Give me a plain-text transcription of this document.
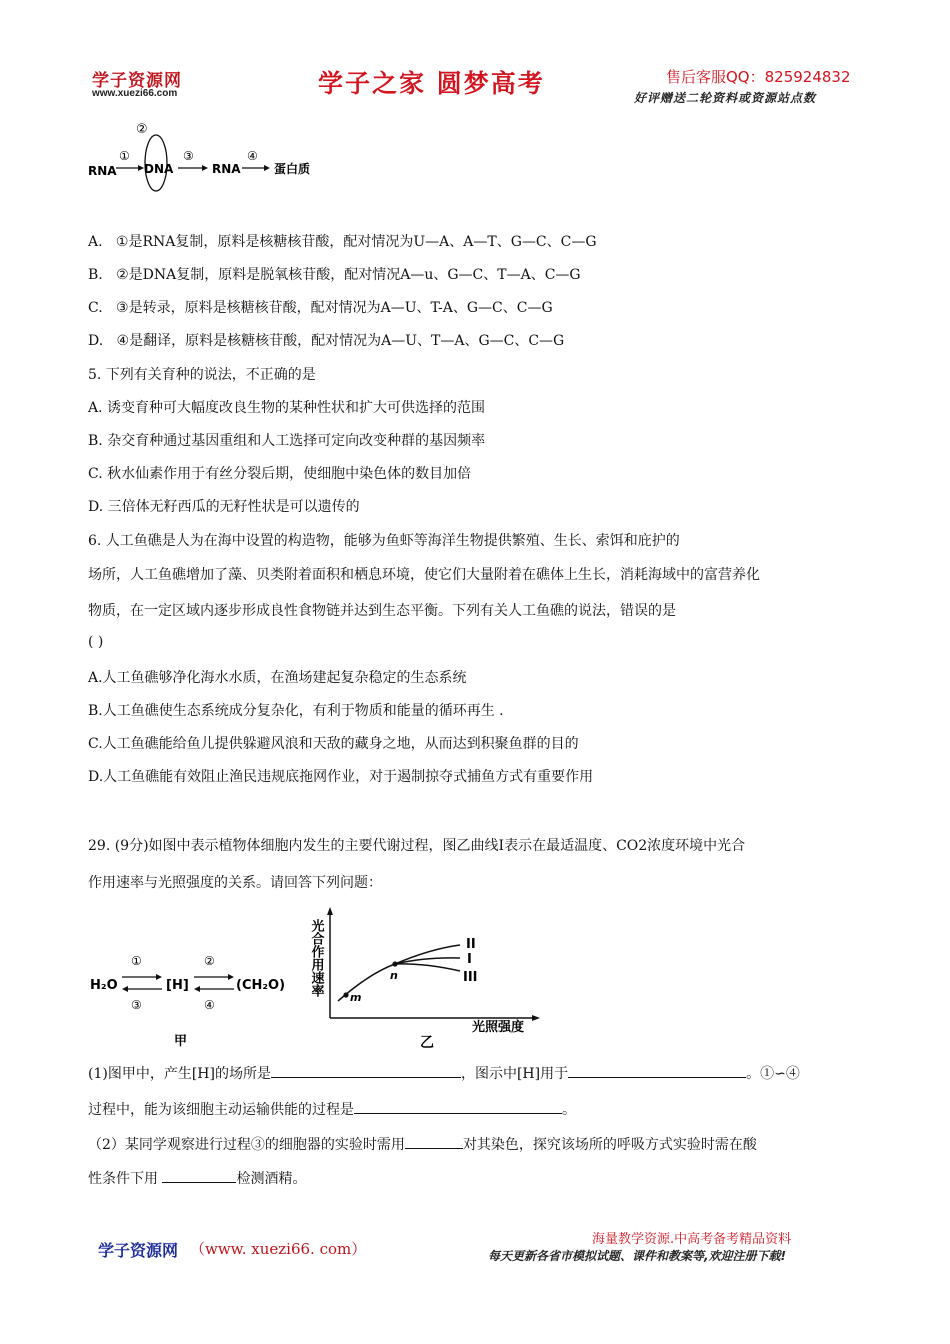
学子资源网
www.xuezi66.com	学子之家 圆梦高考	售后客服QQ：825924832
好评赠送二轮资料或资源站点数
RNA
①
②
DNA
③
RNA
④
蛋白质
A. ①是RNA复制，原料是核糖核苷酸，配对情况为U—A、A—T、G—C、C—G
B. ②是DNA复制，原料是脱氧核苷酸，配对情况A—u、G—C、T—A、C—G
C. ③是转录，原料是核糖核苷酸，配对情况为A—U、T-A、G—C、C—G
D. ④是翻译，原料是核糖核苷酸，配对情况为A—U、T—A、G—C、C—G
5. 下列有关育种的说法，不正确的是
A. 诱变育种可大幅度改良生物的某种性状和扩大可供选择的范围
B. 杂交育种通过基因重组和人工选择可定向改变种群的基因频率
C. 秋水仙素作用于有丝分裂后期，使细胞中染色体的数目加倍
D. 三倍体无籽西瓜的无籽性状是可以遗传的
6. 人工鱼礁是人为在海中设置的构造物，能够为鱼虾等海洋生物提供繁殖、生长、索饵和庇护的
场所，人工鱼礁增加了藻、贝类附着面积和栖息环境，使它们大量附着在礁体上生长，消耗海域中的富营养化
物质，在一定区域内逐步形成良性食物链并达到生态平衡。下列有关人工鱼礁的说法，错误的是
( )
A.人工鱼礁够净化海水水质，在渔场建起复杂稳定的生态系统
B.人工鱼礁使生态系统成分复杂化，有利于物质和能量的循环再生 .
C.人工鱼礁能给鱼儿提供躲避风浪和天敌的藏身之地，从而达到积聚鱼群的目的
D.人工鱼礁能有效阻止渔民违规底拖网作业，对于遏制掠夺式捕鱼方式有重要作用
29. (9分)如图中表示植物体细胞内发生的主要代谢过程，图乙曲线Ⅰ表示在最适温度、CO2浓度环境中光合
作用速率与光照强度的关系。请回答下列问题：
H₂O
①
③
[H]
②
④
(CH₂O)
甲
光合作用速率
m
n
II
I
III
光照强度
乙
(1)图甲中，产生[H]的场所是	，图示中[H]用于	。①∽④
过程中，能为该细胞主动运输供能的过程是	。
（2）某同学观察进行过程③的细胞器的实验时需用	对其染色，探究该场所的呼吸方式实验时需在酸
性条件下用	检测酒精。
学子资源网 （www. xuezi66. com）
海量教学资源.中高考备考精品资料
每天更新各省市模拟试题、课件和教案等,欢迎注册下载!
